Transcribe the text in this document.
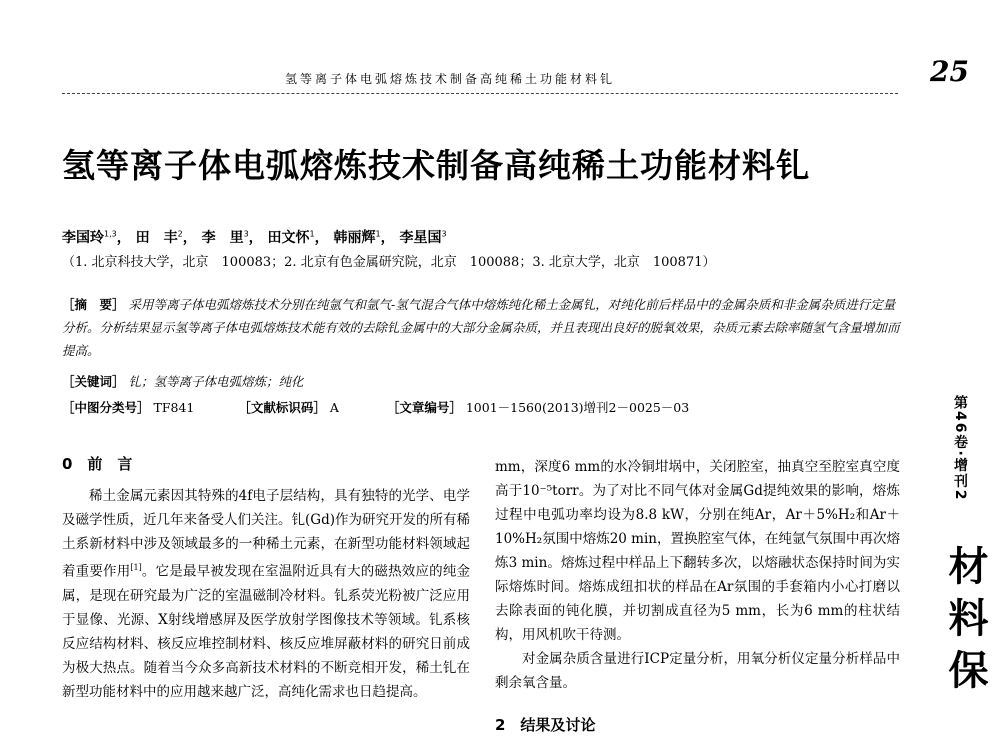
氢等离子体电弧熔炼技术制备高纯稀土功能材料钆	25
氢等离子体电弧熔炼技术制备高纯稀土功能材料钆
李国玲$^{1,3}$， 田　丰$^2$， 李　里$^3$， 田文怀$^1$， 韩丽辉$^1$， 李星国$^3$
（1. 北京科技大学，北京　100083；2. 北京有色金属研究院，北京　100088；3. 北京大学，北京　100871）
［摘　要］ 采用等离子体电弧熔炼技术分别在纯氩气和氩气-氢气混合气体中熔炼纯化稀土金属钆，对纯化前后样品中的金属杂质和非金属杂质进行定量分析。分析结果显示氢等离子体电弧熔炼技术能有效的去除钆金属中的大部分金属杂质，并且表现出良好的脱氧效果，杂质元素去除率随氢气含量增加而提高。
［关键词］ 钆；氢等离子体电弧熔炼；纯化
［中图分类号］ TF841	［文献标识码］ A	［文章编号］ 1001－1560(2013)增刊2－0025－03
0　前　言

稀土金属元素因其特殊的4f电子层结构，具有独特的光学、电学及磁学性质，近几年来备受人们关注。钆(Gd)作为研究开发的所有稀土系新材料中涉及领域最多的一种稀土元素，在新型功能材料领域起着重要作用[1]。它是最早被发现在室温附近具有大的磁热效应的纯金属，是现在研究最为广泛的室温磁制冷材料。钆系荧光粉被广泛应用于显像、光源、X射线增感屏及医学放射学图像技术等领域。钆系核反应结构材料、核反应堆控制材料、核反应堆屏蔽材料的研究日前成为极大热点。随着当今众多高新技术材料的不断竞相开发，稀土钆在新型功能材料中的应用越来越广泛，高纯化需求也日趋提高。

mm，深度6 mm的水冷铜坩埚中，关闭腔室，抽真空至腔室真空度高于10⁻⁵torr。为了对比不同气体对金属Gd提纯效果的影响，熔炼过程中电弧功率均设为8.8 kW，分别在纯Ar，Ar＋5%H₂和Ar＋10%H₂氛围中熔炼20 min，置换腔室气体，在纯氩气氛围中再次熔炼3 min。熔炼过程中样品上下翻转多次，以熔融状态保持时间为实际熔炼时间。熔炼成纽扣状的样品在Ar氛围的手套箱内小心打磨以去除表面的钝化膜，并切割成直径为5 mm，长为6 mm的柱状结构，用风机吹干待测。

对金属杂质含量进行ICP定量分析，用氧分析仪定量分析样品中剩余氧含量。

2　结果及讨论
第46卷·增刊2
材料保
